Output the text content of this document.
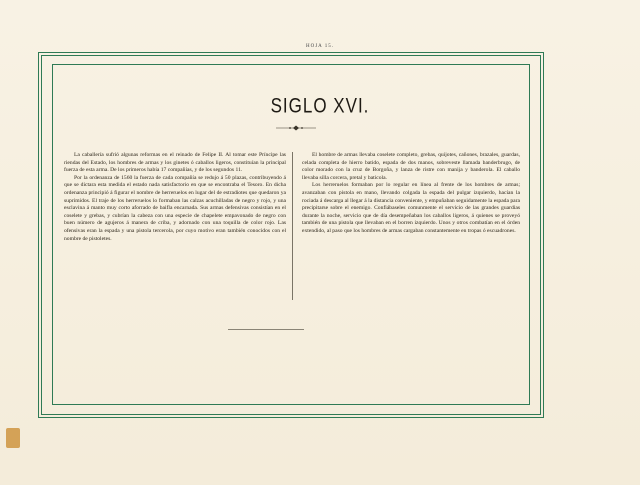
HOJA 15.
SIGLO XVI.

La caballería sufrió algunas reformas en el reinado de Felipe II. Al tomar este Príncipe las riendas del Estado, los hombres de armas y los ginetes ó caballos ligeros, constituían la principal fuerza de esta arma. De los primeros había 17 compañías, y de los segundos 11.

Por la ordenanza de 1560 la fuerza de cada compañía se redujo á 50 plazas, contribuyendo á que se dictara esta medida el estado nada satisfactorio en que se encontraba el Tesoro. En dicha ordenanza principió á figurar el nombre de herreruelos en lugar del de estradiotes que quedaron ya suprimidos. El traje de los herreruelos lo formaban las calzas acuchilladas de negro y rojo, y una esclavina á manto muy corto aforrado de baifla encarnada. Sus armas defensivas consistían en el coselete y grebas, y cubrían la cabeza con una especie de chapelete empavonado de negro con buen número de agujeros á manera de criba, y adornado con una toquilla de color rojo. Las ofensivas eran la espada y una pistola tercerola, por cuyo motivo eran también conocidos con el nombre de pistoletes.

El hombre de armas llevaba coselete completo, grebas, quijotes, cañones, brazales, guardas, celada completa de hierro batido, espada de dos manos, sobreveste llamada banderbrugo, de color morado con la cruz de Borgoña, y lanza de ristre con manija y banderola. El caballo llevaba silla corcera, pretal y baticola.

Los herreruelos formaban por lo regular en línea al frente de los hombres de armas; avanzaban con pistola en mano, llevando colgada la espada del pulgar izquierdo, hacían la rociada á descarga al llegar á la distancia conveniente, y empuñaban seguidamente la espada para precipitarse sobre el enemigo. Confiábaseles comunmente el servicio de las grandes guardias durante la noche, servicio que de día desempeñaban los caballos ligeros, á quienes se proveyó también de una pistola que llevaban en el borren izquierdo. Unos y otros combatían en el órden extendido, al paso que los hombres de armas cargaban constantemente en tropas ó escuadrones.
